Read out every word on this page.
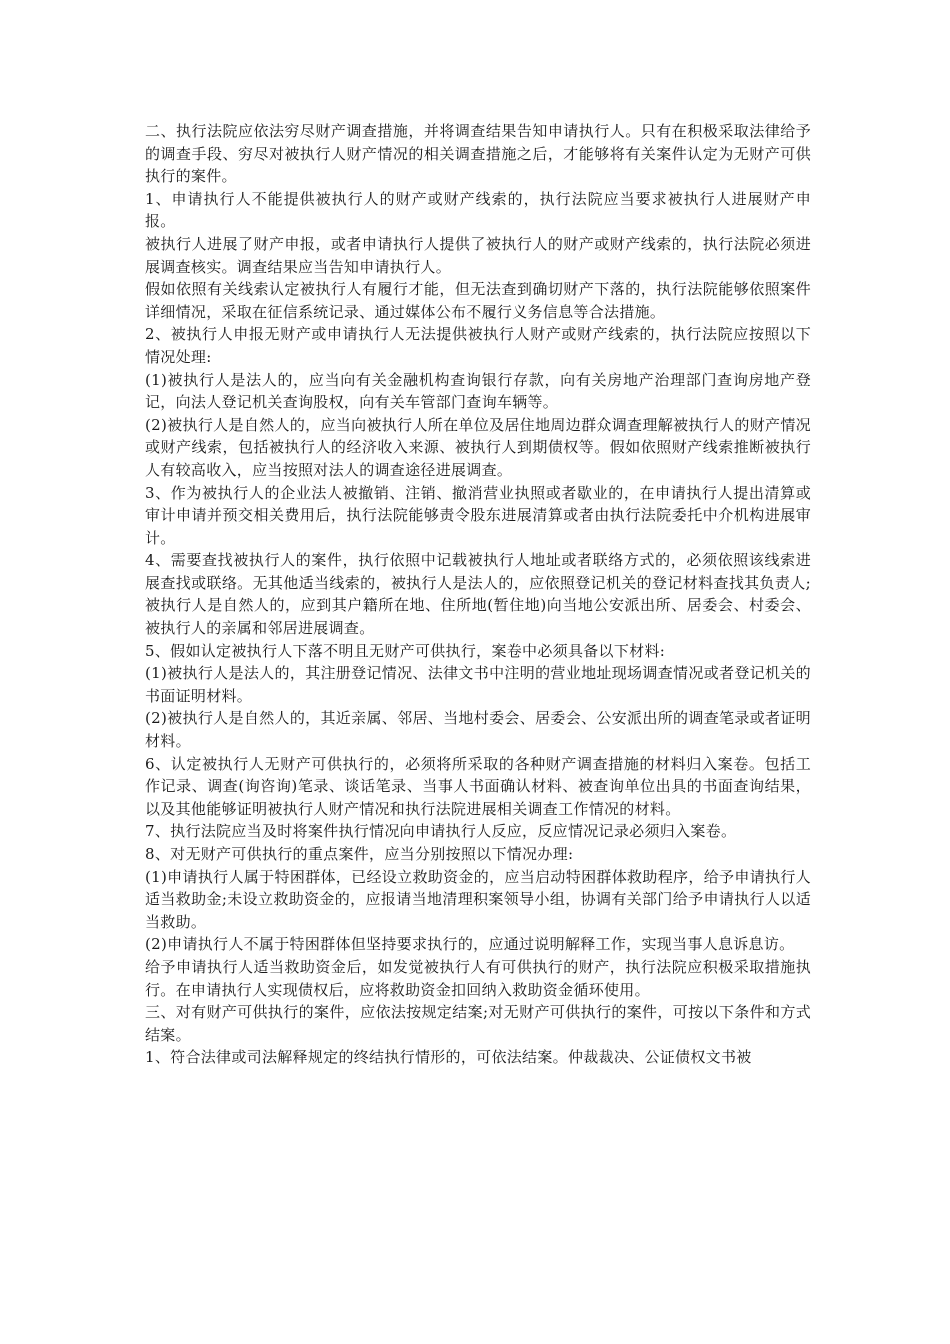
二、执行法院应依法穷尽财产调查措施，并将调查结果告知申请执行人。只有在积极采取法律给予的调查手段、穷尽对被执行人财产情况的相关调查措施之后，才能够将有关案件认定为无财产可供执行的案件。

1、申请执行人不能提供被执行人的财产或财产线索的，执行法院应当要求被执行人进展财产申报。

被执行人进展了财产申报，或者申请执行人提供了被执行人的财产或财产线索的，执行法院必须进展调查核实。调查结果应当告知申请执行人。

假如依照有关线索认定被执行人有履行才能，但无法查到确切财产下落的，执行法院能够依照案件详细情况，采取在征信系统记录、通过媒体公布不履行义务信息等合法措施。

2、被执行人申报无财产或申请执行人无法提供被执行人财产或财产线索的，执行法院应按照以下情况处理:

(1)被执行人是法人的，应当向有关金融机构查询银行存款，向有关房地产治理部门查询房地产登记，向法人登记机关查询股权，向有关车管部门查询车辆等。

(2)被执行人是自然人的，应当向被执行人所在单位及居住地周边群众调查理解被执行人的财产情况或财产线索，包括被执行人的经济收入来源、被执行人到期债权等。假如依照财产线索推断被执行人有较高收入，应当按照对法人的调查途径进展调查。

3、作为被执行人的企业法人被撤销、注销、撤消营业执照或者歇业的，在申请执行人提出清算或审计申请并预交相关费用后，执行法院能够责令股东进展清算或者由执行法院委托中介机构进展审计。

4、需要查找被执行人的案件，执行依照中记载被执行人地址或者联络方式的，必须依照该线索进展查找或联络。无其他适当线索的，被执行人是法人的，应依照登记机关的登记材料查找其负责人;被执行人是自然人的，应到其户籍所在地、住所地(暂住地)向当地公安派出所、居委会、村委会、被执行人的亲属和邻居进展调查。

5、假如认定被执行人下落不明且无财产可供执行，案卷中必须具备以下材料:

(1)被执行人是法人的，其注册登记情况、法律文书中注明的营业地址现场调查情况或者登记机关的书面证明材料。

(2)被执行人是自然人的，其近亲属、邻居、当地村委会、居委会、公安派出所的调查笔录或者证明材料。

6、认定被执行人无财产可供执行的，必须将所采取的各种财产调查措施的材料归入案卷。包括工作记录、调查(询咨询)笔录、谈话笔录、当事人书面确认材料、被查询单位出具的书面查询结果，以及其他能够证明被执行人财产情况和执行法院进展相关调查工作情况的材料。

7、执行法院应当及时将案件执行情况向申请执行人反应，反应情况记录必须归入案卷。

8、对无财产可供执行的重点案件，应当分别按照以下情况办理:

(1)申请执行人属于特困群体，已经设立救助资金的，应当启动特困群体救助程序，给予申请执行人适当救助金;未设立救助资金的，应报请当地清理积案领导小组，协调有关部门给予申请执行人以适当救助。

(2)申请执行人不属于特困群体但坚持要求执行的，应通过说明解释工作，实现当事人息诉息访。

给予申请执行人适当救助资金后，如发觉被执行人有可供执行的财产，执行法院应积极采取措施执行。在申请执行人实现债权后，应将救助资金扣回纳入救助资金循环使用。

三、对有财产可供执行的案件，应依法按规定结案;对无财产可供执行的案件，可按以下条件和方式结案。

1、符合法律或司法解释规定的终结执行情形的，可依法结案。仲裁裁决、公证债权文书被
